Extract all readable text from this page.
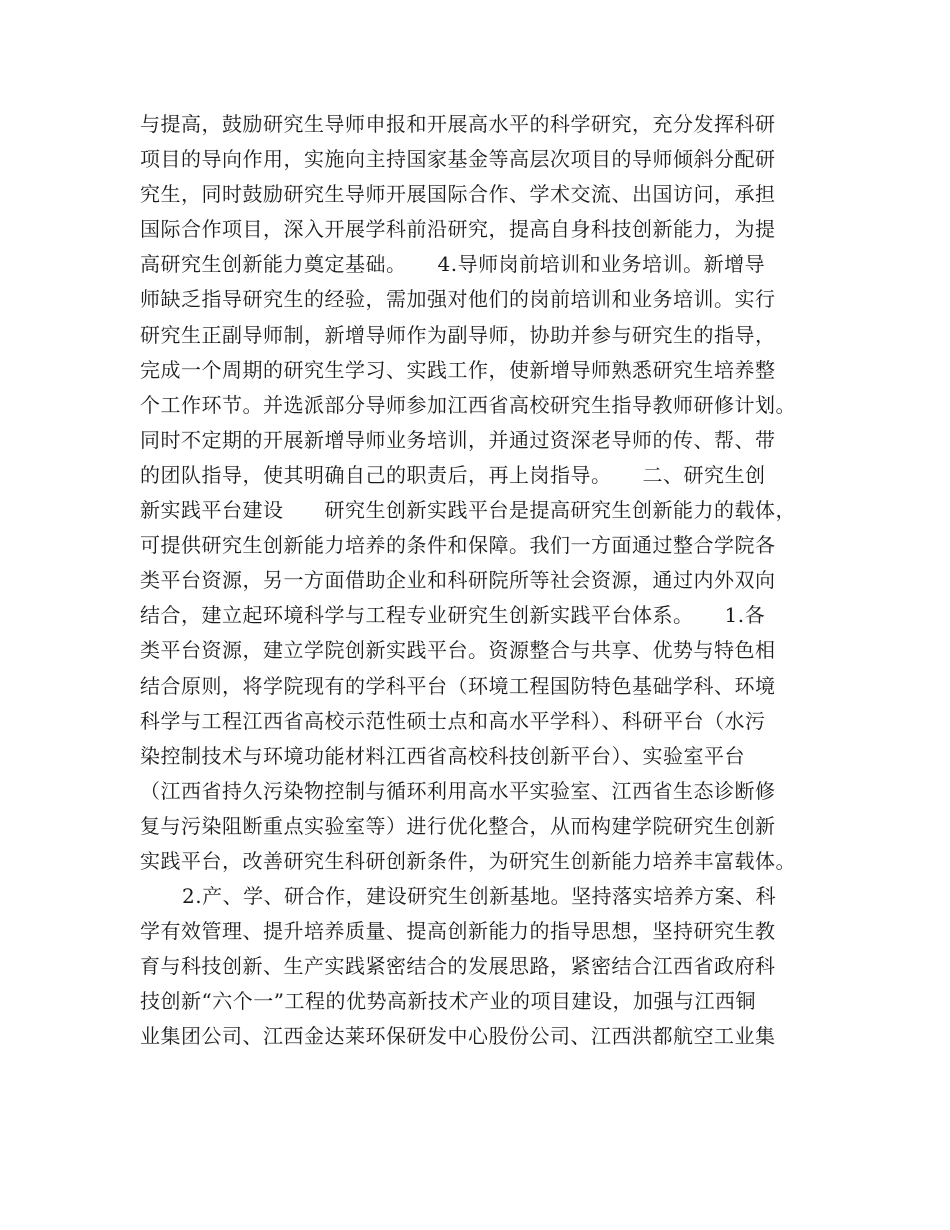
与提高，鼓励研究生导师申报和开展高水平的科学研究，充分发挥科研
项目的导向作用，实施向主持国家基金等高层次项目的导师倾斜分配研
究生，同时鼓励研究生导师开展国际合作、学术交流、出国访问，承担
国际合作项目，深入开展学科前沿研究，提高自身科技创新能力，为提
高研究生创新能力奠定基础。　　4.导师岗前培训和业务培训。新增导
师缺乏指导研究生的经验，需加强对他们的岗前培训和业务培训。实行
研究生正副导师制，新增导师作为副导师，协助并参与研究生的指导，
完成一个周期的研究生学习、实践工作，使新增导师熟悉研究生培养整
个工作环节。并选派部分导师参加江西省高校研究生指导教师研修计划。
同时不定期的开展新增导师业务培训，并通过资深老导师的传、帮、带
的团队指导，使其明确自己的职责后，再上岗指导。　　二、研究生创
新实践平台建设　　研究生创新实践平台是提高研究生创新能力的载体，
可提供研究生创新能力培养的条件和保障。我们一方面通过整合学院各
类平台资源，另一方面借助企业和科研院所等社会资源，通过内外双向
结合，建立起环境科学与工程专业研究生创新实践平台体系。　　1.各
类平台资源，建立学院创新实践平台。资源整合与共享、优势与特色相
结合原则，将学院现有的学科平台（环境工程国防特色基础学科、环境
科学与工程江西省高校示范性硕士点和高水平学科）、科研平台（水污
染控制技术与环境功能材料江西省高校科技创新平台）、实验室平台
（江西省持久污染物控制与循环利用高水平实验室、江西省生态诊断修
复与污染阻断重点实验室等）进行优化整合，从而构建学院研究生创新
实践平台，改善研究生科研创新条件，为研究生创新能力培养丰富载体。
2.产、学、研合作，建设研究生创新基地。坚持落实培养方案、科
学有效管理、提升培养质量、提高创新能力的指导思想，坚持研究生教
育与科技创新、生产实践紧密结合的发展思路，紧密结合江西省政府科
技创新“六个一”工程的优势高新技术产业的项目建设，加强与江西铜
业集团公司、江西金达莱环保研发中心股份公司、江西洪都航空工业集
